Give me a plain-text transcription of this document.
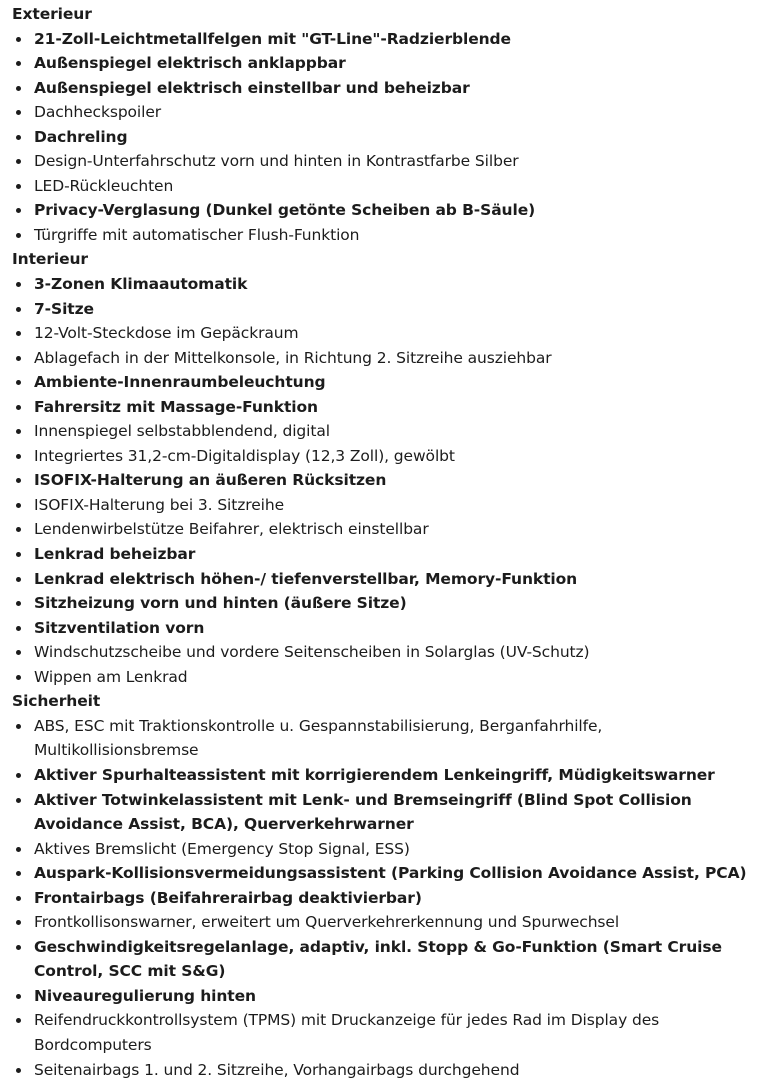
Exterieur
21-Zoll-Leichtmetallfelgen mit "GT-Line"-Radzierblende
Außenspiegel elektrisch anklappbar
Außenspiegel elektrisch einstellbar und beheizbar
Dachheckspoiler
Dachreling
Design-Unterfahrschutz vorn und hinten in Kontrastfarbe Silber
LED-Rückleuchten
Privacy-Verglasung (Dunkel getönte Scheiben ab B-Säule)
Türgriffe mit automatischer Flush-Funktion
Interieur
3-Zonen Klimaautomatik
7-Sitze
12-Volt-Steckdose im Gepäckraum
Ablagefach in der Mittelkonsole, in Richtung 2. Sitzreihe ausziehbar
Ambiente-Innenraumbeleuchtung
Fahrersitz mit Massage-Funktion
Innenspiegel selbstabblendend, digital
Integriertes 31,2-cm-Digitaldisplay (12,3 Zoll), gewölbt
ISOFIX-Halterung an äußeren Rücksitzen
ISOFIX-Halterung bei 3. Sitzreihe
Lendenwirbelstütze Beifahrer, elektrisch einstellbar
Lenkrad beheizbar
Lenkrad elektrisch höhen-/ tiefenverstellbar, Memory-Funktion
Sitzheizung vorn und hinten (äußere Sitze)
Sitzventilation vorn
Windschutzscheibe und vordere Seitenscheiben in Solarglas (UV-Schutz)
Wippen am Lenkrad
Sicherheit
ABS, ESC mit Traktionskontrolle u. Gespannstabilisierung, Berganfahrhilfe, Multikollisionsbremse
Aktiver Spurhalteassistent mit korrigierendem Lenkeingriff, Müdigkeitswarner
Aktiver Totwinkelassistent mit Lenk- und Bremseingriff (Blind Spot Collision Avoidance Assist, BCA), Querverkehrwarner
Aktives Bremslicht (Emergency Stop Signal, ESS)
Auspark-Kollisionsvermeidungsassistent (Parking Collision Avoidance Assist, PCA)
Frontairbags (Beifahrerairbag deaktivierbar)
Frontkollisonswarner, erweitert um Querverkehrerkennung und Spurwechsel
Geschwindigkeitsregelanlage, adaptiv, inkl. Stopp & Go-Funktion (Smart Cruise Control, SCC mit S&G)
Niveauregulierung hinten
Reifendruckkontrollsystem (TPMS) mit Druckanzeige für jedes Rad im Display des Bordcomputers
Seitenairbags 1. und 2. Sitzreihe, Vorhangairbags durchgehend
